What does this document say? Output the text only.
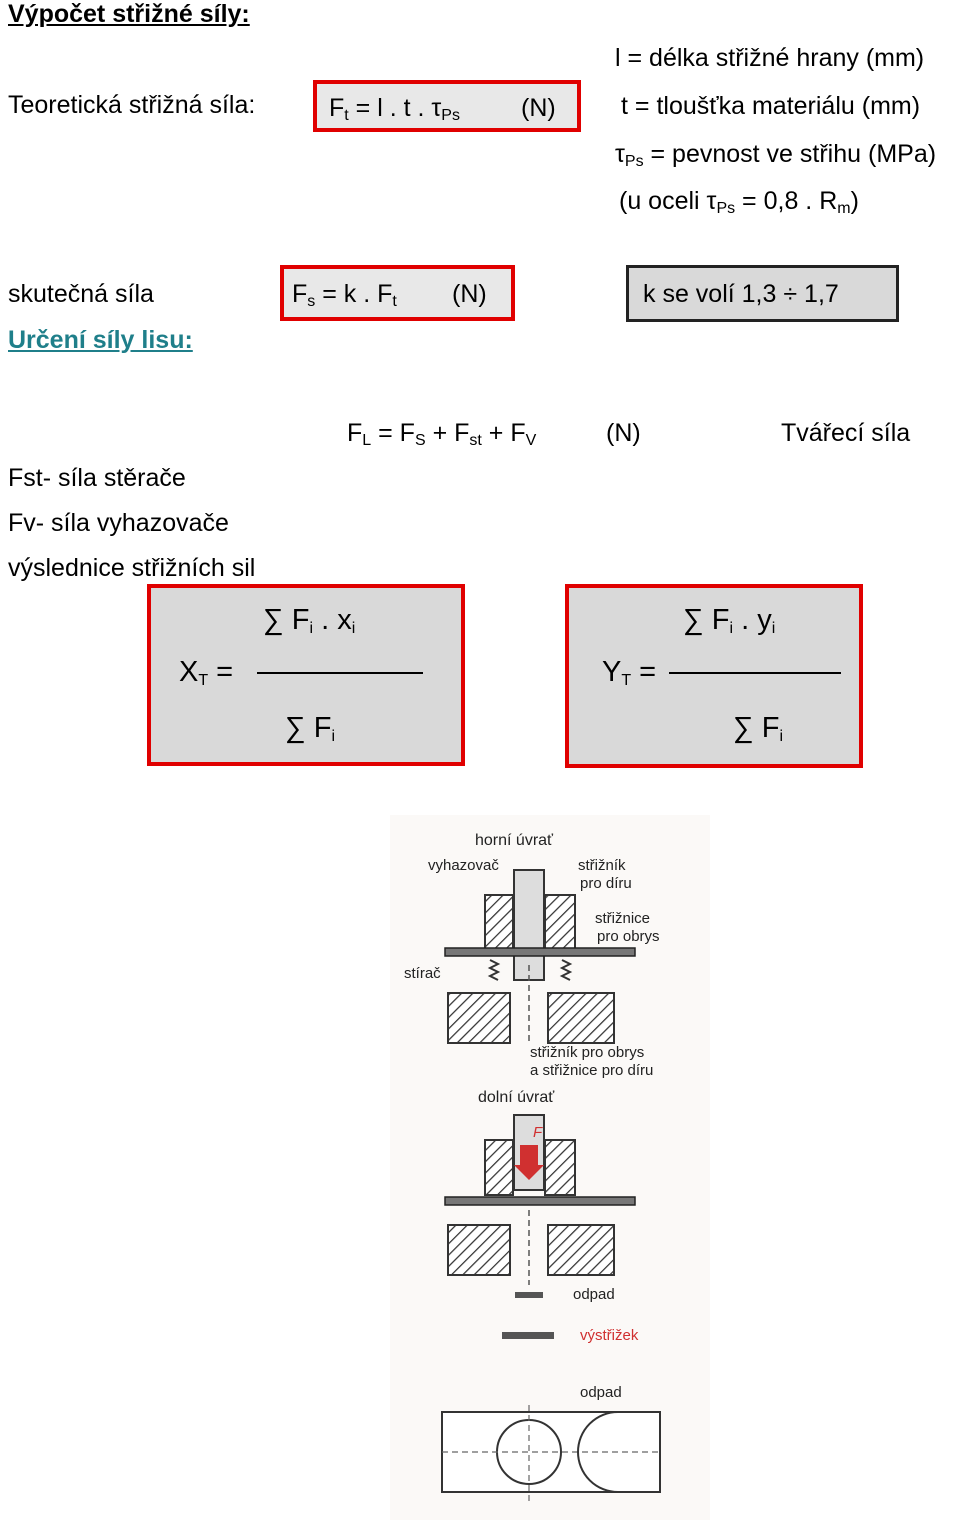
Výpočet střižné síly:
Teoretická střižná síla:	$F_t = l$ . t . $\tau_{Ps}$ (N)
l = délka střižné hrany (mm)
t = tloušťka materiálu (mm)
$\tau_{Ps}$ = pevnost ve střihu (MPa)
(u oceli $\tau_{Ps} = 0,8$ . $R_m$)
skutečná síla	$F_s = k$ . $F_t$ (N)	k se volí 1,3 ÷ 1,7
Určení síly lisu:
$F_L = F_S + F_{st} + F_V$	(N)	Tvářecí síla
Fst- síla stěrače
Fv- síla vyhazovače
výslednice střižních sil
∑ $F_i$ . $x_i$
$X_T$ =
∑ $F_i$
∑ $F_i$ . $y_i$
$Y_T$ =
∑ $F_i$
horní úvrať
vyhazovač	střižník
pro díru
střižnice
pro obrys
stírač
střižník pro obrys
a střižnice pro díru
dolní úvrať
F
odpad
výstřižek
odpad
